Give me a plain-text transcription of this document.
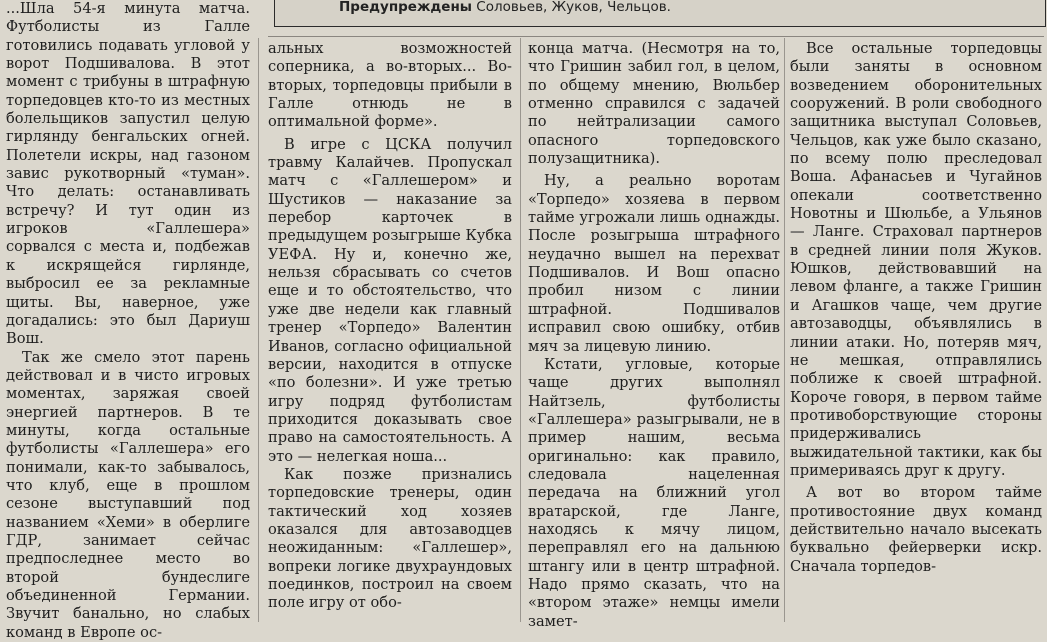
Предупреждены Соловьев, Жуков, Чельцов.

...Шла 54-я минута матча. Футболисты из Галле готовились подавать угловой у ворот Подшивалова. В этот момент с трибуны в штрафную торпедовцев кто-то из местных болельщиков запустил целую гирлянду бенгальских огней. Полетели искры, над газоном завис рукотворный «туман». Что делать: останавливать встречу? И тут один из игроков «Галлешера» сорвался с места и, подбежав к искрящейся гирлянде, выбросил ее за рекламные щиты. Вы, наверное, уже догадались: это был Дариуш Вош.

Так же смело этот парень действовал и в чисто игровых моментах, заряжая своей энергией партнеров. В те минуты, когда остальные футболисты «Галлешера» его понимали, как-то забывалось, что клуб, еще в прошлом сезоне выступавший под названием «Хеми» в оберлиге ГДР, занимает сейчас предпоследнее место во второй бундеслиге объединенной Германии. Звучит банально, но слабых команд в Европе ос-

альных возможностей соперника, а во-вторых... Во-вторых, торпедовцы прибыли в Галле отнюдь не в оптимальной форме».

В игре с ЦСКА получил травму Калайчев. Пропускал матч с «Галлешером» и Шустиков — наказание за перебор карточек в предыдущем розыгрыше Кубка УЕФА. Ну и, конечно же, нельзя сбрасывать со счетов еще и то обстоятельство, что уже две недели как главный тренер «Торпедо» Валентин Иванов, согласно официальной версии, находится в отпуске «по болезни». И уже третью игру подряд футболистам приходится доказывать свое право на самостоятельность. А это — нелегкая ноша...

Как позже признались торпедовские тренеры, один тактический ход хозяев оказался для автозаводцев неожиданным: «Галлешер», вопреки логике двухраундовых поединков, построил на своем поле игру от обо-

конца матча. (Несмотря на то, что Гришин забил гол, в целом, по общему мнению, Вюльбер отменно справился с задачей по нейтрализации самого опасного торпедовского полузащитника).

Ну, а реально воротам «Торпедо» хозяева в первом тайме угрожали лишь однажды. После розыгрыша штрафного неудачно вышел на перехват Подшивалов. И Вош опасно пробил низом с линии штрафной. Подшивалов исправил свою ошибку, отбив мяч за лицевую линию.

Кстати, угловые, которые чаще других выполнял Найтзель, футболисты «Галлешера» разыгрывали, не в пример нашим, весьма оригинально: как правило, следовала нацеленная передача на ближний угол вратарской, где Ланге, находясь к мячу лицом, переправлял его на дальнюю штангу или в центр штрафной. Надо прямо сказать, что на «втором этаже» немцы имели замет-

Все остальные торпедовцы были заняты в основном возведением оборонительных сооружений. В роли свободного защитника выступал Соловьев, Чельцов, как уже было сказано, по всему полю преследовал Воша. Афанасьев и Чугайнов опекали соответственно Новотны и Шюльбе, а Ульянов — Ланге. Страховал партнеров в средней линии поля Жуков. Юшков, действовавший на левом фланге, а также Гришин и Агашков чаще, чем другие автозаводцы, объявлялись в линии атаки. Но, потеряв мяч, не мешкая, отправлялись поближе к своей штрафной. Короче говоря, в первом тайме противоборствующие стороны придерживались выжидательной тактики, как бы примериваясь друг к другу.

А вот во втором тайме противостояние двух команд действительно начало высекать буквально фейерверки искр. Сначала торпедов-
